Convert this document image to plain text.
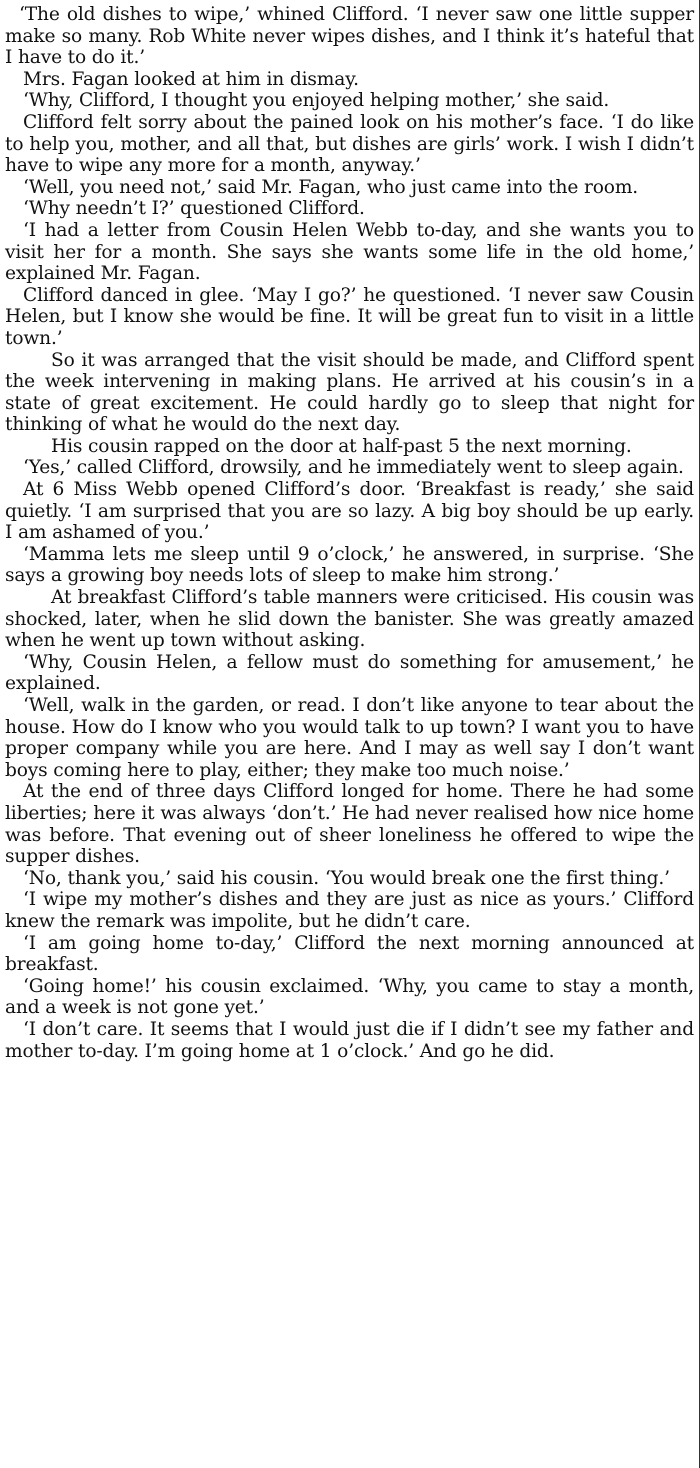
‘The old dishes to wipe,’ whined Clifford. ‘I never saw one little supper make so many. Rob White never wipes dishes, and I think it’s hateful that I have to do it.’

Mrs. Fagan looked at him in dismay.

‘Why, Clifford, I thought you enjoyed helping mother,’ she said.

Clifford felt sorry about the pained look on his mother’s face. ‘I do like to help you, mother, and all that, but dishes are girls’ work. I wish I didn’t have to wipe any more for a month, anyway.’

‘Well, you need not,’ said Mr. Fagan, who just came into the room.

‘Why needn’t I?’ questioned Clifford.

‘I had a letter from Cousin Helen Webb to-day, and she wants you to visit her for a month. She says she wants some life in the old home,’ explained Mr. Fagan.

Clifford danced in glee. ‘May I go?’ he questioned. ‘I never saw Cousin Helen, but I know she would be fine. It will be great fun to visit in a little town.’

So it was arranged that the visit should be made, and Clifford spent the week intervening in making plans. He arrived at his cousin’s in a state of great excitement. He could hardly go to sleep that night for thinking of what he would do the next day.

His cousin rapped on the door at half-past 5 the next morning.

‘Yes,’ called Clifford, drowsily, and he immediately went to sleep again.

At 6 Miss Webb opened Clifford’s door. ‘Breakfast is ready,’ she said quietly. ‘I am surprised that you are so lazy. A big boy should be up early. I am ashamed of you.’

‘Mamma lets me sleep until 9 o’clock,’ he answered, in surprise. ‘She says a growing boy needs lots of sleep to make him strong.’

At breakfast Clifford’s table manners were criticised. His cousin was shocked, later, when he slid down the banister. She was greatly amazed when he went up town without asking.

‘Why, Cousin Helen, a fellow must do something for amusement,’ he explained.

‘Well, walk in the garden, or read. I don’t like anyone to tear about the house. How do I know who you would talk to up town? I want you to have proper company while you are here. And I may as well say I don’t want boys coming here to play, either; they make too much noise.’

At the end of three days Clifford longed for home. There he had some liberties; here it was always ‘don’t.’ He had never realised how nice home was before. That evening out of sheer loneliness he offered to wipe the supper dishes.

‘No, thank you,’ said his cousin. ‘You would break one the first thing.’

‘I wipe my mother’s dishes and they are just as nice as yours.’ Clifford knew the remark was impolite, but he didn’t care.

‘I am going home to-day,’ Clifford the next morning announced at breakfast.

‘Going home!’ his cousin exclaimed. ‘Why, you came to stay a month, and a week is not gone yet.’

‘I don’t care. It seems that I would just die if I didn’t see my father and mother to-day. I’m going home at 1 o’clock.’ And go he did.
